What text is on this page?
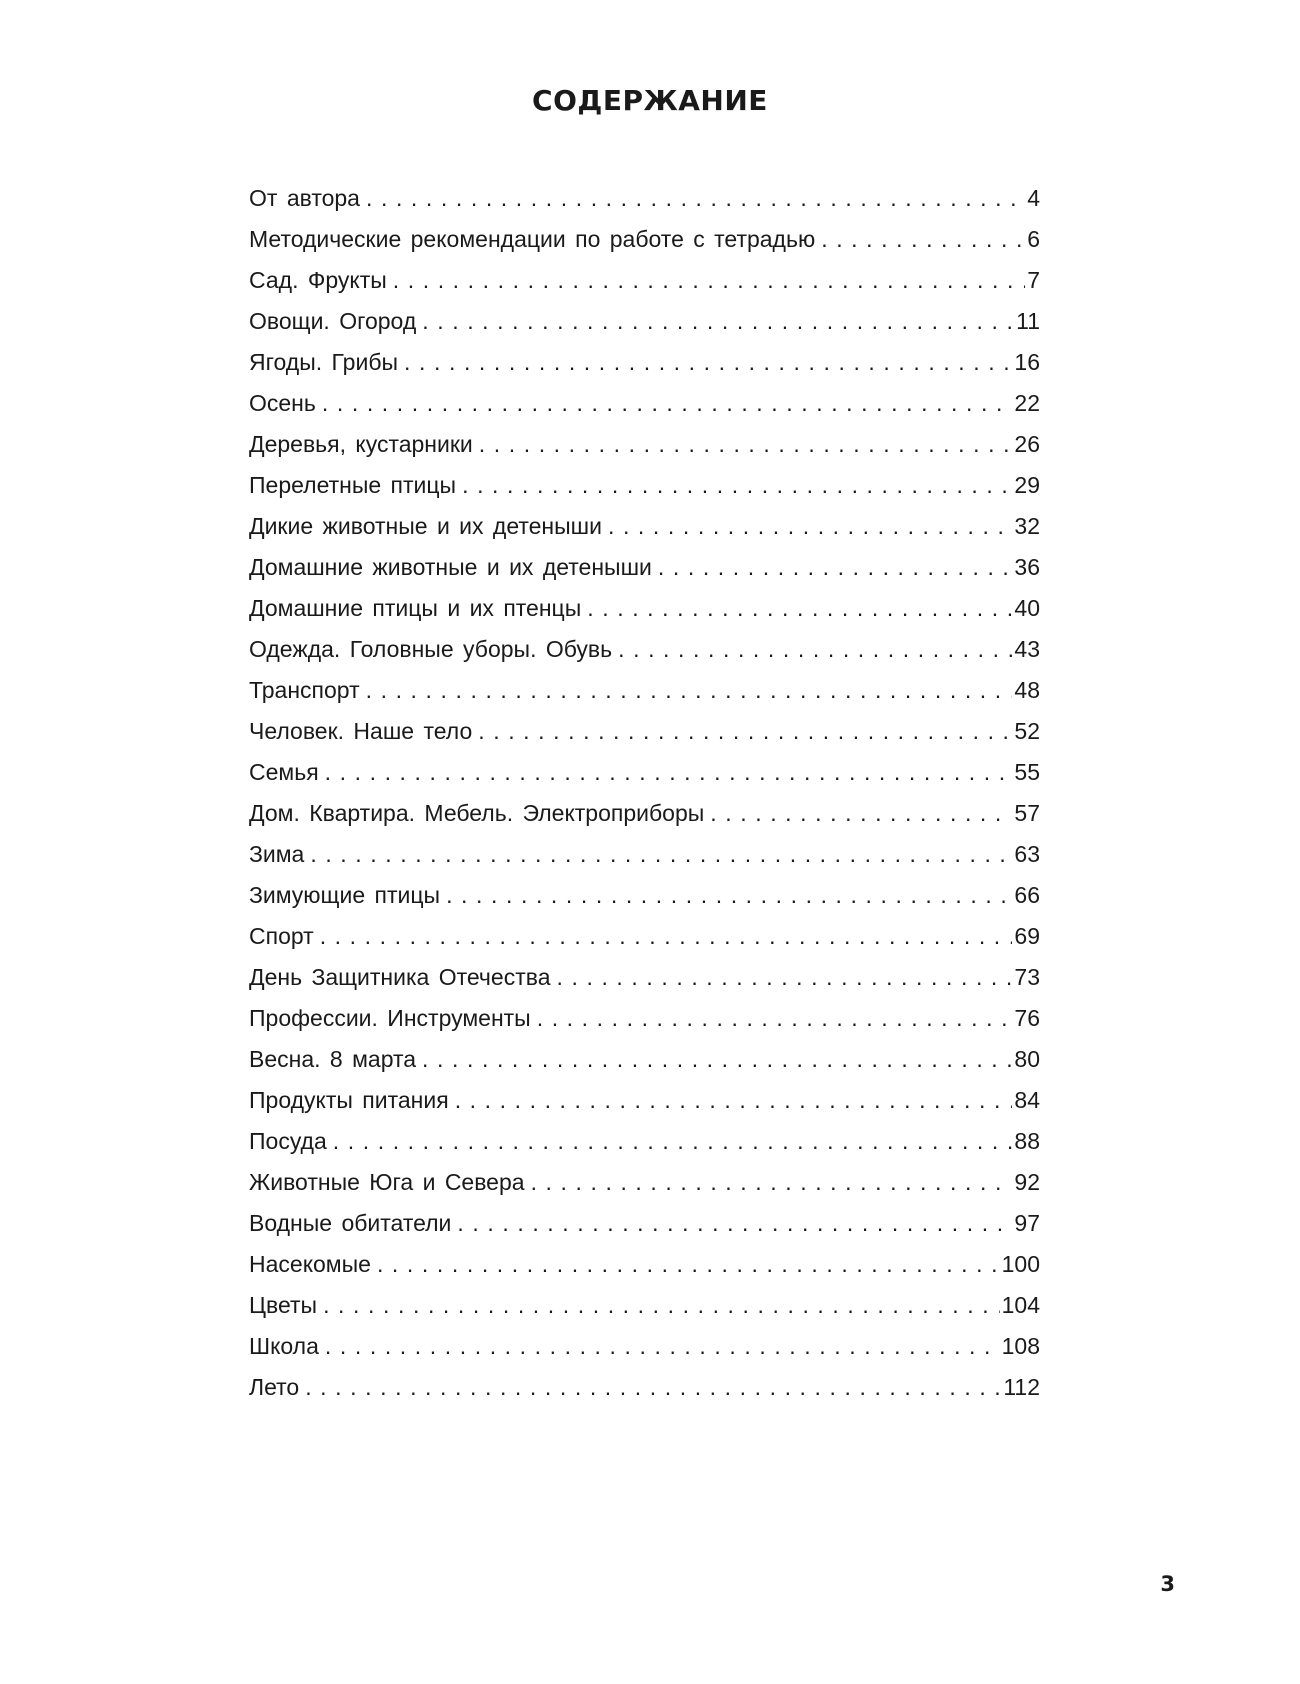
СОДЕРЖАНИЕ
От автора . . .	4
Методические рекомендации по работе с тетрадью . . .	6
Сад. Фрукты . . .	7
Овощи. Огород . . .	11
Ягоды. Грибы . . .	16
Осень . . .	22
Деревья, кустарники . . .	26
Перелетные птицы . . .	29
Дикие животные и их детеныши . . .	32
Домашние животные и их детеныши . . .	36
Домашние птицы и их птенцы . . .	40
Одежда. Головные уборы. Обувь . . .	43
Транспорт . . .	48
Человек. Наше тело . . .	52
Семья . . .	55
Дом. Квартира. Мебель. Электроприборы . . .	57
Зима . . .	63
Зимующие птицы . . .	66
Спорт . . .	69
День Защитника Отечества . . .	73
Профессии. Инструменты . . .	76
Весна. 8 марта . . .	80
Продукты питания . . .	84
Посуда . . .	88
Животные Юга и Севера . . .	92
Водные обитатели . . .	97
Насекомые . . .	100
Цветы . . .	104
Школа . . .	108
Лето . . .	112
3
